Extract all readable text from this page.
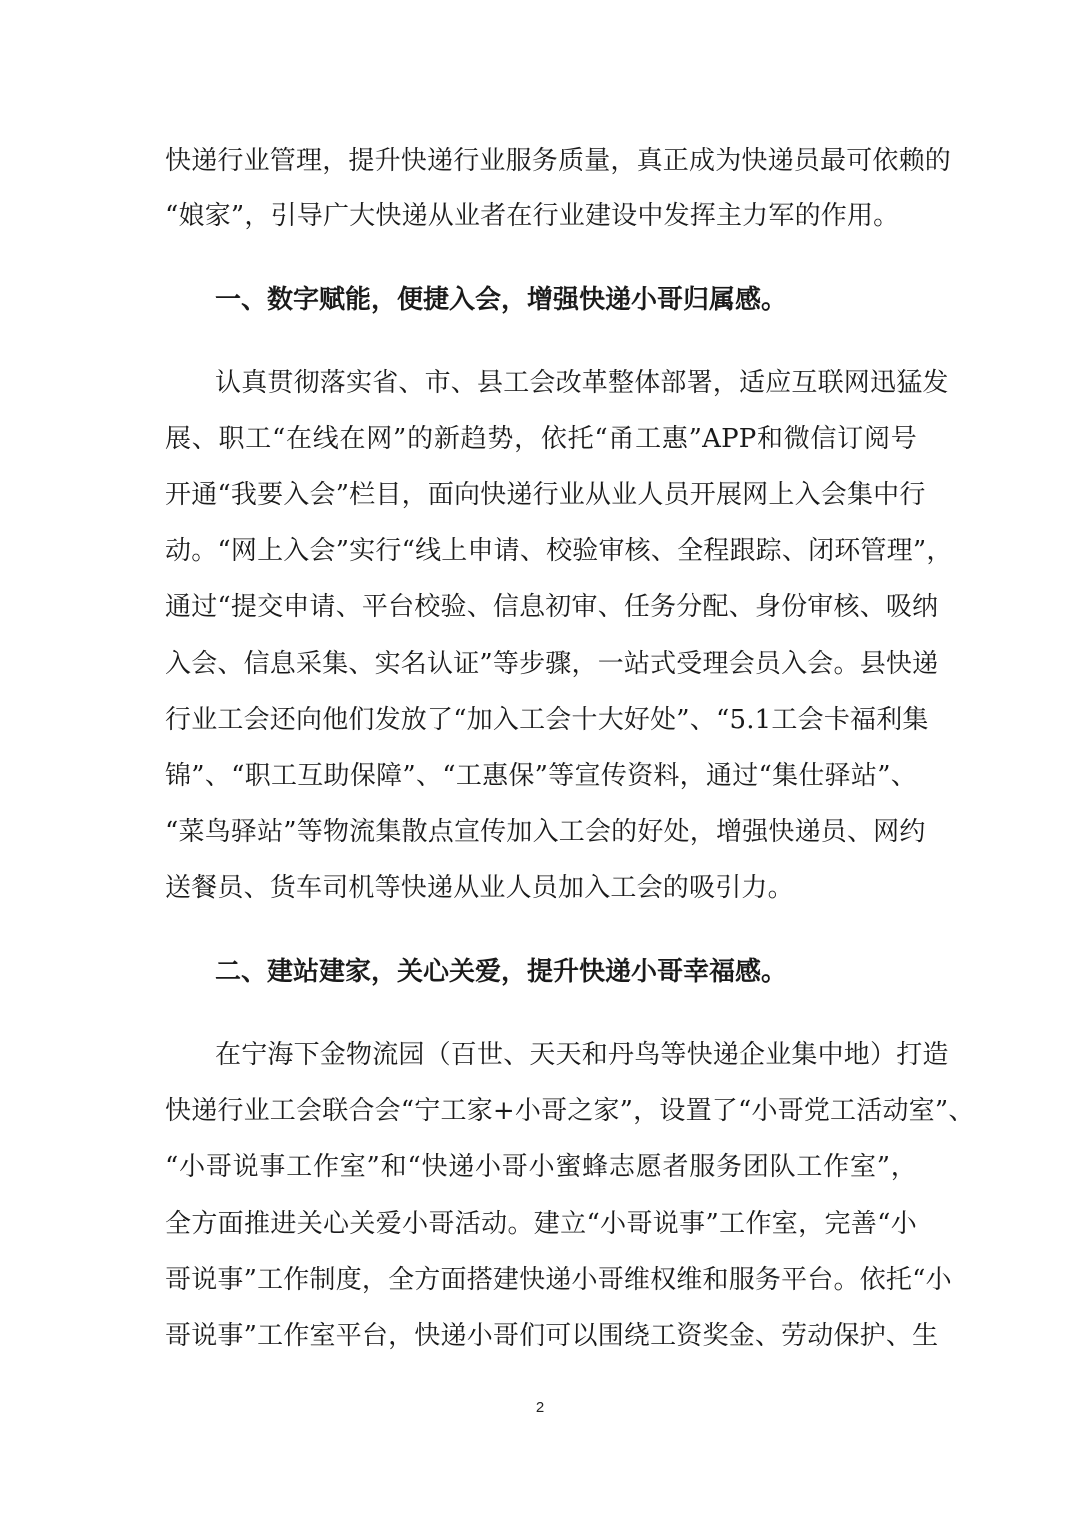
快递行业管理，提升快递行业服务质量，真正成为快递员最可依赖的
“娘家”，引导广大快递从业者在行业建设中发挥主力军的作用。
一、数字赋能，便捷入会，增强快递小哥归属感。
认真贯彻落实省、市、县工会改革整体部署，适应互联网迅猛发
展、职工“在线在网”的新趋势，依托“甬工惠”APP和微信订阅号
开通“我要入会”栏目，面向快递行业从业人员开展网上入会集中行
动。“网上入会”实行“线上申请、校验审核、全程跟踪、闭环管理”，
通过“提交申请、平台校验、信息初审、任务分配、身份审核、吸纳
入会、信息采集、实名认证”等步骤，一站式受理会员入会。县快递
行业工会还向他们发放了“加入工会十大好处”、“5.1工会卡福利集
锦”、“职工互助保障”、“工惠保”等宣传资料，通过“集仕驿站”、
“菜鸟驿站”等物流集散点宣传加入工会的好处，增强快递员、网约
送餐员、货车司机等快递从业人员加入工会的吸引力。
二、建站建家，关心关爱，提升快递小哥幸福感。
在宁海下金物流园（百世、天天和丹鸟等快递企业集中地）打造
快递行业工会联合会“宁工家+小哥之家”，设置了“小哥党工活动室”、
“小哥说事工作室”和“快递小哥小蜜蜂志愿者服务团队工作室”，
全方面推进关心关爱小哥活动。建立“小哥说事”工作室，完善“小
哥说事”工作制度，全方面搭建快递小哥维权维和服务平台。依托“小
哥说事”工作室平台，快递小哥们可以围绕工资奖金、劳动保护、生
2
